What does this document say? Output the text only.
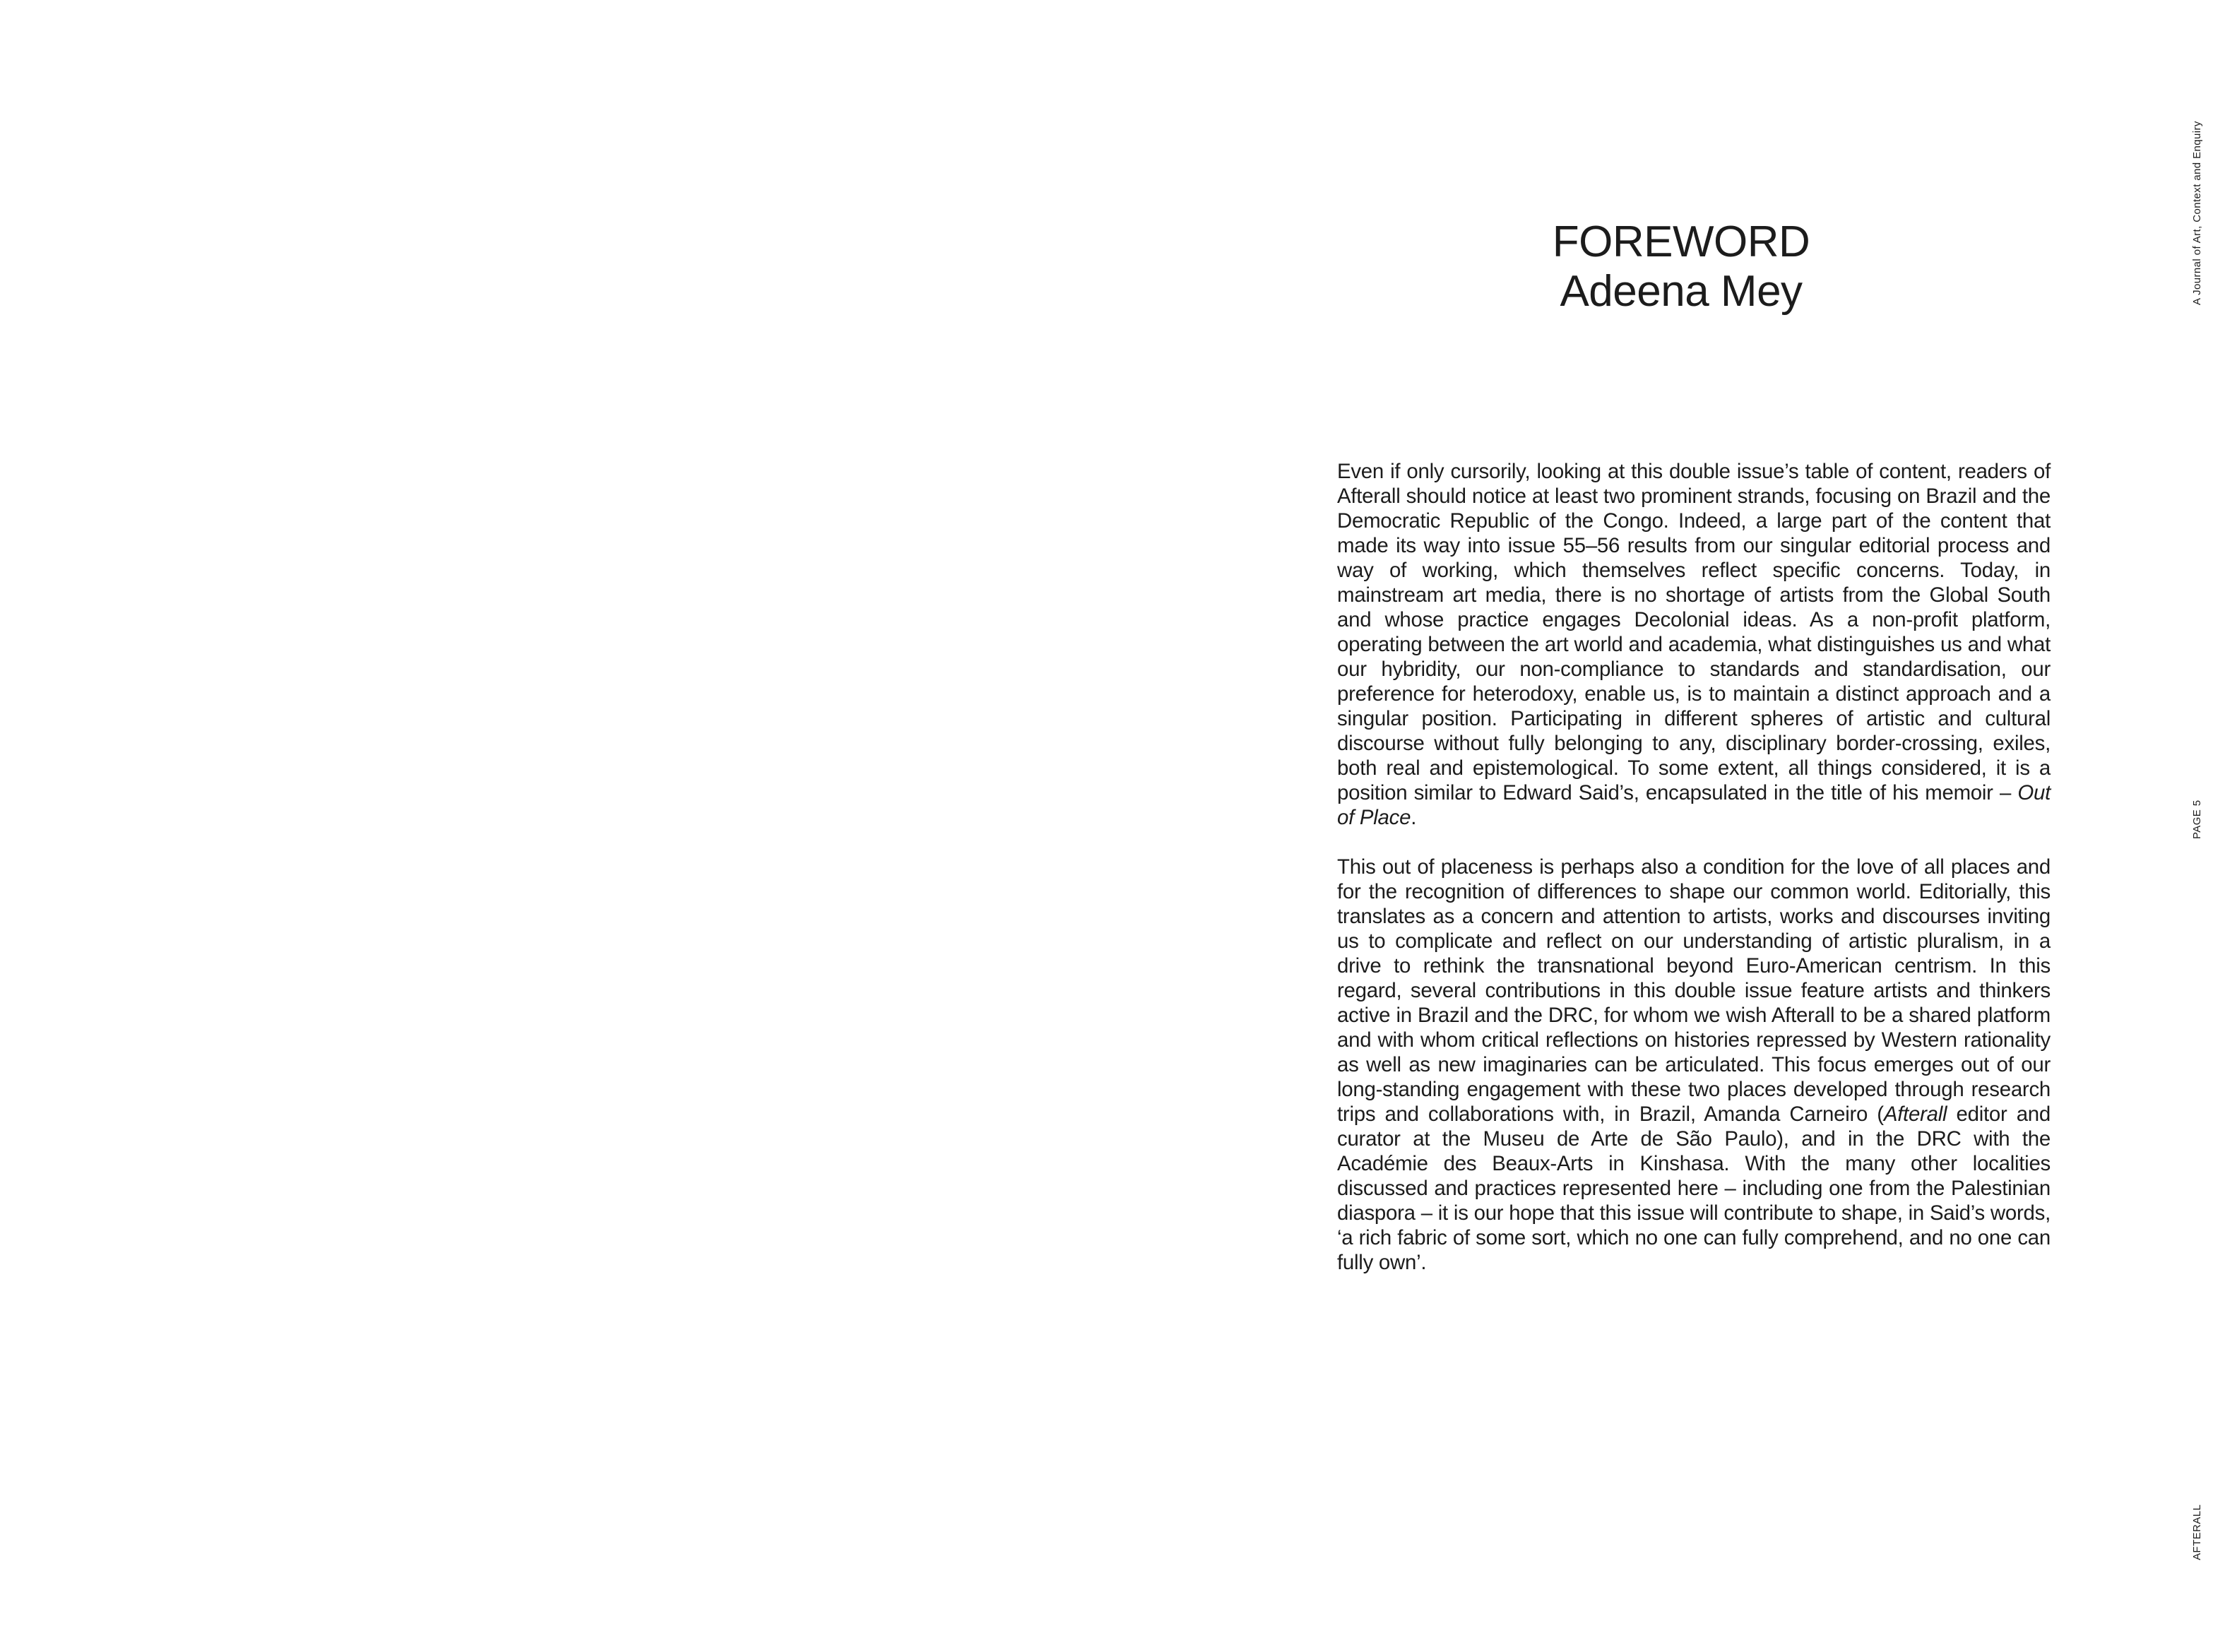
FOREWORD
Adeena Mey

Even if only cursorily, looking at this double issue’s table of content, readers of Afterall should notice at least two prominent strands, focusing on Brazil and the Democratic Republic of the Congo. Indeed, a large part of the content that made its way into issue 55–56 results from our singular editorial process and way of working, which themselves reflect specific concerns. Today, in mainstream art media, there is no shortage of artists from the Global South and whose practice engages Decolonial ideas. As a non-profit platform, operating between the art world and academia, what distinguishes us and what our hybridity, our non-compliance to standards and standardisation, our preference for heterodoxy, enable us, is to maintain a distinct approach and a singular position. Participating in different spheres of artistic and cultural discourse without fully belonging to any, disciplinary border-crossing, exiles, both real and epistemological. To some extent, all things considered, it is a position similar to Edward Said’s, encapsulated in the title of his memoir – Out of Place.

This out of placeness is perhaps also a condition for the love of all places and for the recognition of differences to shape our common world. Editorially, this translates as a concern and attention to artists, works and discourses inviting us to complicate and reflect on our understanding of artistic pluralism, in a drive to rethink the transnational beyond Euro-American centrism. In this regard, several contributions in this double issue feature artists and thinkers active in Brazil and the DRC, for whom we wish Afterall to be a shared platform and with whom critical reflections on histories repressed by Western rationality as well as new imaginaries can be articulated. This focus emerges out of our long-standing engagement with these two places developed through research trips and collaborations with, in Brazil, Amanda Carneiro (Afterall editor and curator at the Museu de Arte de São Paulo), and in the DRC with the Académie des Beaux-Arts in Kinshasa. With the many other localities discussed and practices represented here – including one from the Palestinian diaspora – it is our hope that this issue will contribute to shape, in Said’s words, ‘a rich fabric of some sort, which no one can fully comprehend, and no one can fully own’.

A Journal of Art, Context and Enquiry
PAGE 5
AFTERALL
